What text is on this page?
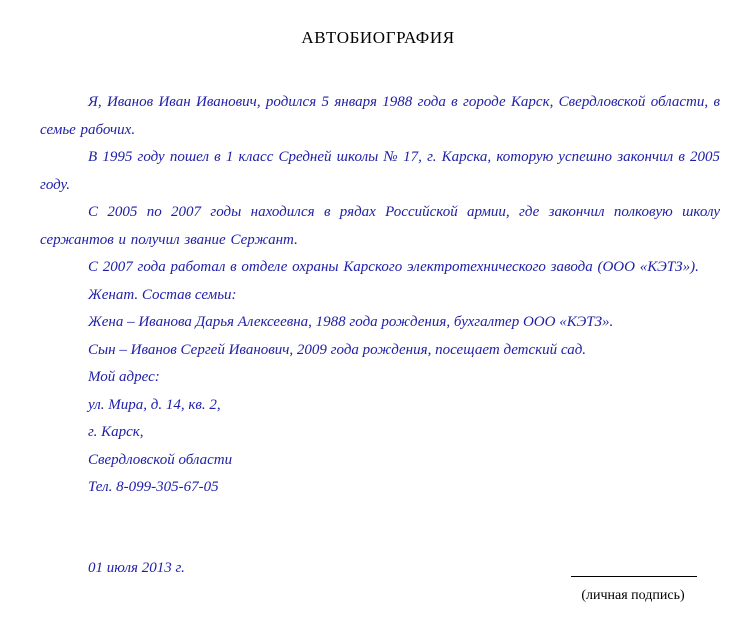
АВТОБИОГРАФИЯ

Я, Иванов Иван Иванович, родился 5 января 1988 года в городе Карск, Свердловской области, в семье рабочих.

В 1995 году пошел в 1 класс Средней школы № 17, г. Карска, которую успешно закончил в 2005 году.

С 2005 по 2007 годы находился в рядах Российской армии, где закончил полковую школу сержантов и получил звание Сержант.

С 2007 года работал в отделе охраны Карского электротехнического завода (ООО «КЭТЗ»).

Женат. Состав семьи:

Жена – Иванова Дарья Алексеевна, 1988 года рождения, бухгалтер ООО «КЭТЗ».

Сын – Иванов Сергей Иванович, 2009 года рождения, посещает детский сад.

Мой адрес:

ул. Мира, д. 14, кв. 2,

г. Карск,

Свердловской области

Тел. 8-099-305-67-05

01 июля 2013 г.
(личная подпись)
